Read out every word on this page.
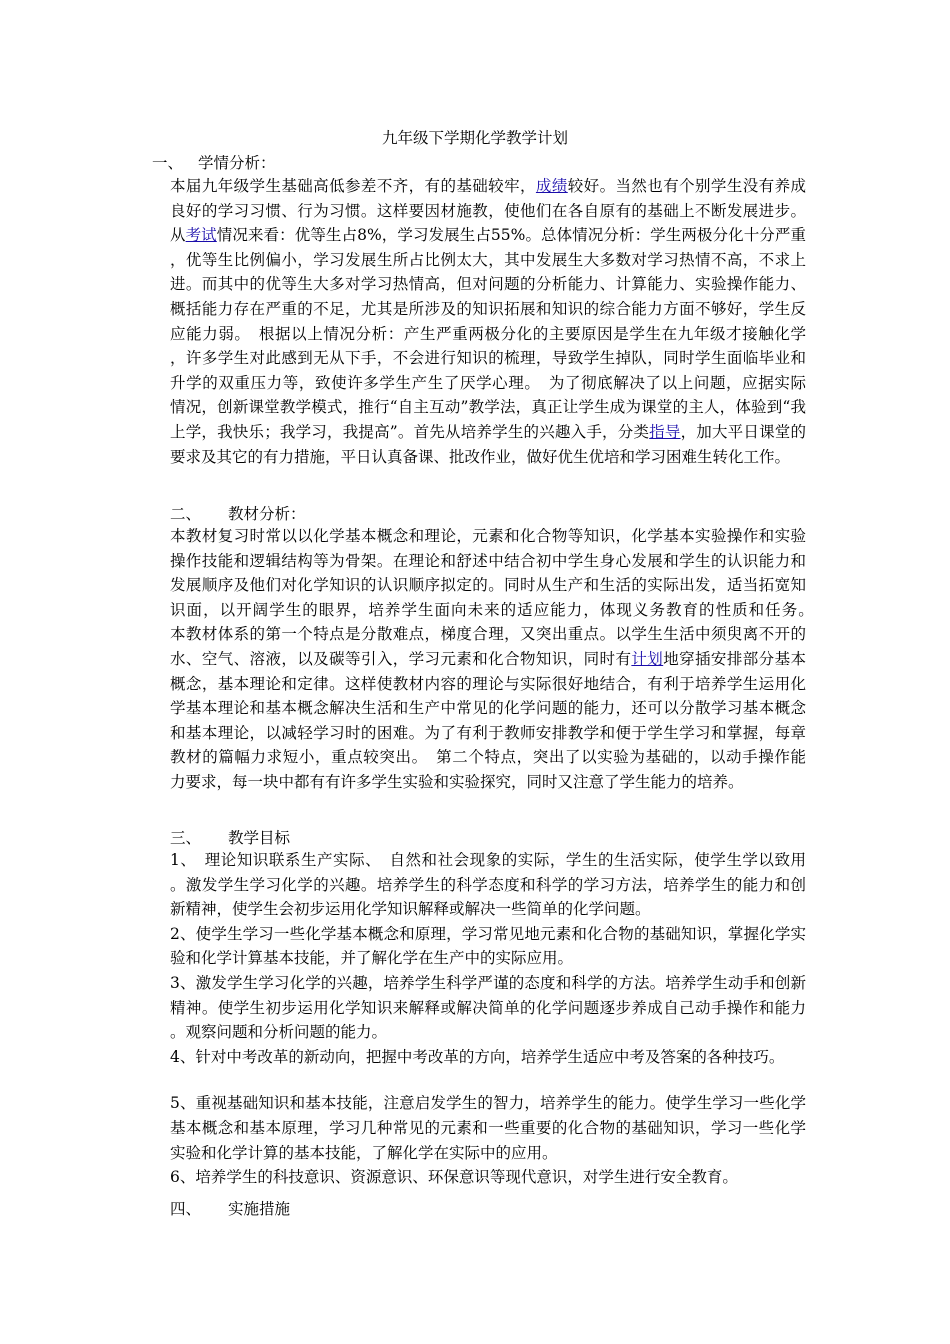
九年级下学期化学教学计划
一、 学情分析：
二、 教材分析：
三、 教学目标
四、 实施措施
本届九年级学生基础高低参差不齐，有的基础较牢，成绩较好。当然也有个别学生没有养成
良好的学习习惯、行为习惯。这样要因材施教，使他们在各自原有的基础上不断发展进步。
从考试情况来看：优等生占8%，学习发展生占55%。总体情况分析：学生两极分化十分严重
，优等生比例偏小，学习发展生所占比例太大，其中发展生大多数对学习热情不高，不求上
进。而其中的优等生大多对学习热情高，但对问题的分析能力、计算能力、实验操作能力、
概括能力存在严重的不足，尤其是所涉及的知识拓展和知识的综合能力方面不够好，学生反
应能力弱。　根据以上情况分析：产生严重两极分化的主要原因是学生在九年级才接触化学
，许多学生对此感到无从下手，不会进行知识的梳理，导致学生掉队，同时学生面临毕业和
升学的双重压力等，致使许多学生产生了厌学心理。　为了彻底解决了以上问题，应据实际
情况，创新课堂教学模式，推行“自主互动”教学法，真正让学生成为课堂的主人，体验到“我
上学，我快乐；我学习，我提高”。首先从培养学生的兴趣入手，分类指导，加大平日课堂的
要求及其它的有力措施，平日认真备课、批改作业，做好优生优培和学习困难生转化工作。
本教材复习时常以以化学基本概念和理论，元素和化合物等知识，化学基本实验操作和实验
操作技能和逻辑结构等为骨架。在理论和舒述中结合初中学生身心发展和学生的认识能力和
发展顺序及他们对化学知识的认识顺序拟定的。同时从生产和生活的实际出发，适当拓宽知
识面，以开阔学生的眼界，培养学生面向未来的适应能力，体现义务教育的性质和任务。　
本教材体系的第一个特点是分散难点，梯度合理，又突出重点。以学生生活中须臾离不开的
水、空气、溶液，以及碳等引入，学习元素和化合物知识，同时有计划地穿插安排部分基本
概念，基本理论和定律。这样使教材内容的理论与实际很好地结合，有利于培养学生运用化
学基本理论和基本概念解决生活和生产中常见的化学问题的能力，还可以分散学习基本概念
和基本理论，以减轻学习时的困难。为了有利于教师安排教学和便于学生学习和掌握，每章
教材的篇幅力求短小，重点较突出。　第二个特点，突出了以实验为基础的，以动手操作能
力要求，每一块中都有有许多学生实验和实验探究，同时又注意了学生能力的培养。
1、　理论知识联系生产实际、　自然和社会现象的实际，学生的生活实际，使学生学以致用
。激发学生学习化学的兴趣。培养学生的科学态度和科学的学习方法，培养学生的能力和创
新精神，使学生会初步运用化学知识解释或解决一些简单的化学问题。
2、使学生学习一些化学基本概念和原理，学习常见地元素和化合物的基础知识，掌握化学实
验和化学计算基本技能，并了解化学在生产中的实际应用。
3、激发学生学习化学的兴趣，培养学生科学严谨的态度和科学的方法。培养学生动手和创新
精神。使学生初步运用化学知识来解释或解决简单的化学问题逐步养成自己动手操作和能力
。观察问题和分析问题的能力。
4、针对中考改革的新动向，把握中考改革的方向，培养学生适应中考及答案的各种技巧。
5、重视基础知识和基本技能，注意启发学生的智力，培养学生的能力。使学生学习一些化学
基本概念和基本原理，学习几种常见的元素和一些重要的化合物的基础知识，学习一些化学
实验和化学计算的基本技能，了解化学在实际中的应用。
6、培养学生的科技意识、资源意识、环保意识等现代意识，对学生进行安全教育。
